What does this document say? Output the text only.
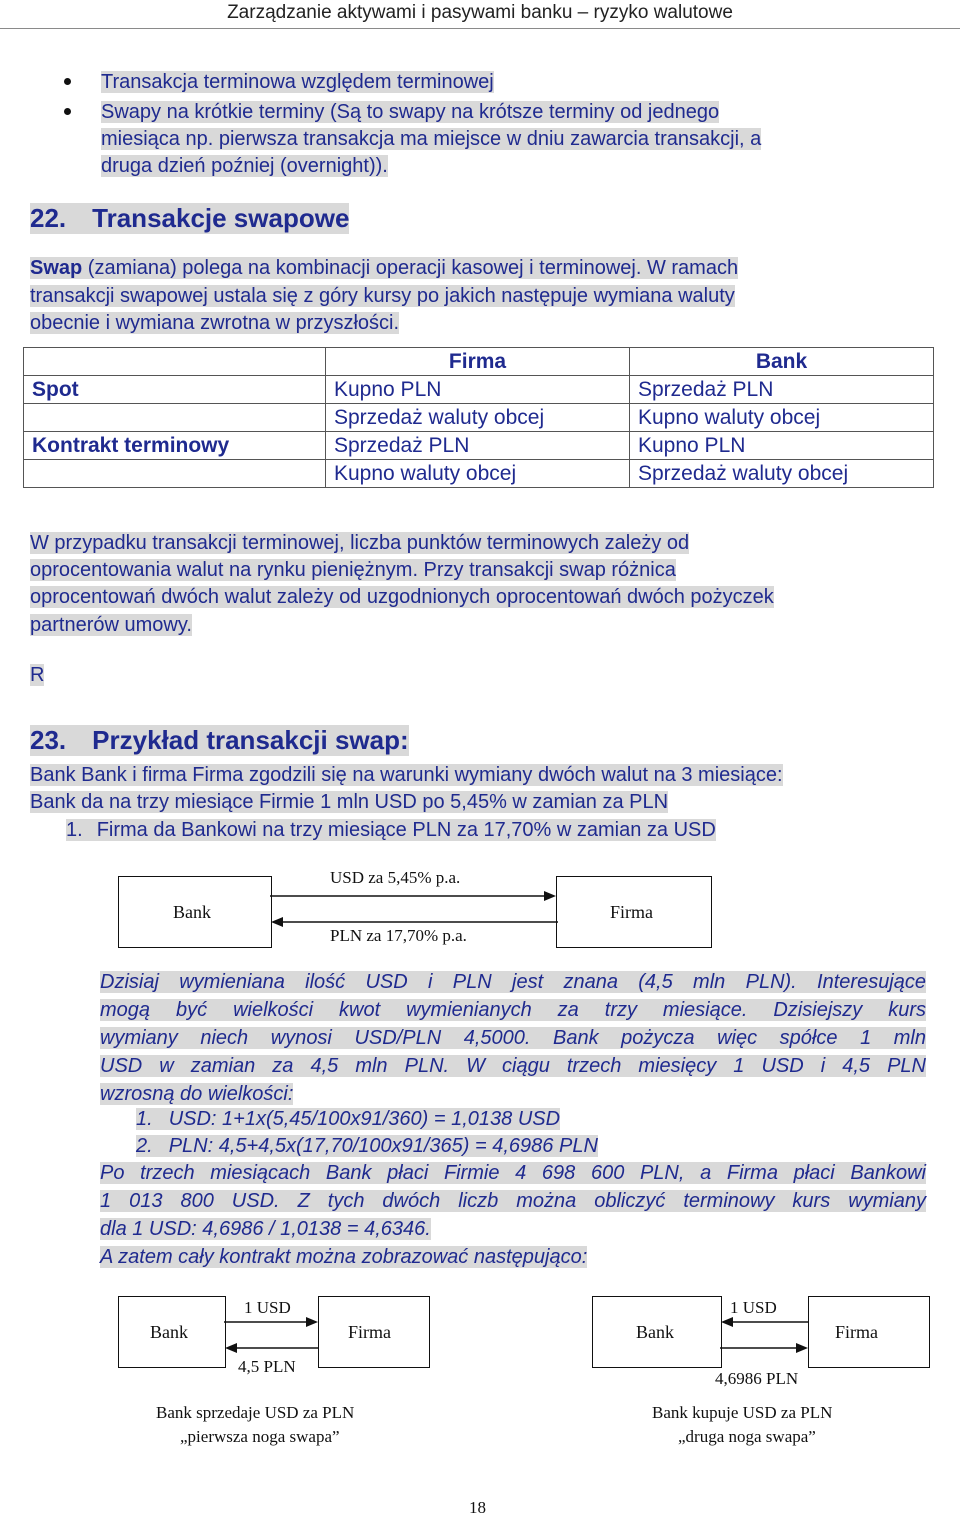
Zarządzanie aktywami i pasywami banku – ryzyko walutowe
Transakcja terminowa względem terminowej
Swapy na krótkie terminy (Są to swapy na krótsze terminy od jednego
miesiąca np. pierwsza transakcja ma miejsce w dniu zawarcia transakcji, a
druga dzień poźniej (overnight)).
22. Transakcje swapowe
Swap (zamiana) polega na kombinacji operacji kasowej i terminowej. W ramach
transakcji swapowej ustala się z góry kursy po jakich następuje wymiana waluty
obecnie i wymiana zwrotna w przyszłości.
	Firma	Bank
Spot	Kupno PLN	Sprzedaż PLN
	Sprzedaż waluty obcej	Kupno waluty obcej
Kontrakt terminowy	Sprzedaż PLN	Kupno PLN
	Kupno waluty obcej	Sprzedaż waluty obcej
W przypadku transakcji terminowej, liczba punktów terminowych zależy od
oprocentowania walut na rynku pieniężnym. Przy transakcji swap różnica
oprocentowań dwóch walut zależy od uzgodnionych oprocentowań dwóch pożyczek
partnerów umowy.
R
23. Przykład transakcji swap:
Bank Bank i firma Firma zgodzili się na warunki wymiany dwóch walut na 3 miesiące:
Bank da na trzy miesiące Firmie 1 mln USD po 5,45% w zamian za PLN
1. Firma da Bankowi na trzy miesiące PLN za 17,70% w zamian za USD
Bank	Firma
USD za 5,45% p.a.
PLN za 17,70% p.a.
Dzisiaj wymieniana ilość USD i PLN jest znana (4,5 mln PLN). Interesujące
mogą być wielkości kwot wymienianych za trzy miesiące. Dzisiejszy kurs
wymiany niech wynosi USD/PLN 4,5000. Bank pożycza więc spółce 1 mln
USD w zamian za 4,5 mln PLN. W ciągu trzech miesięcy 1 USD i 4,5 PLN
wzrosną do wielkości:
1. USD: 1+1x(5,45/100x91/360) = 1,0138 USD
2. PLN: 4,5+4,5x(17,70/100x91/365) = 4,6986 PLN
Po trzech miesiącach Bank płaci Firmie 4 698 600 PLN, a Firma płaci Bankowi
1 013 800 USD. Z tych dwóch liczb można obliczyć terminowy kurs wymiany
dla 1 USD: 4,6986 / 1,0138 = 4,6346.
A zatem cały kontrakt można zobrazować następująco:
Bank	Firma
1 USD
4,5 PLN
Bank sprzedaje USD za PLN
„pierwsza noga swapa”
Bank	Firma
1 USD
4,6986 PLN
Bank kupuje USD za PLN
„druga noga swapa”
18
